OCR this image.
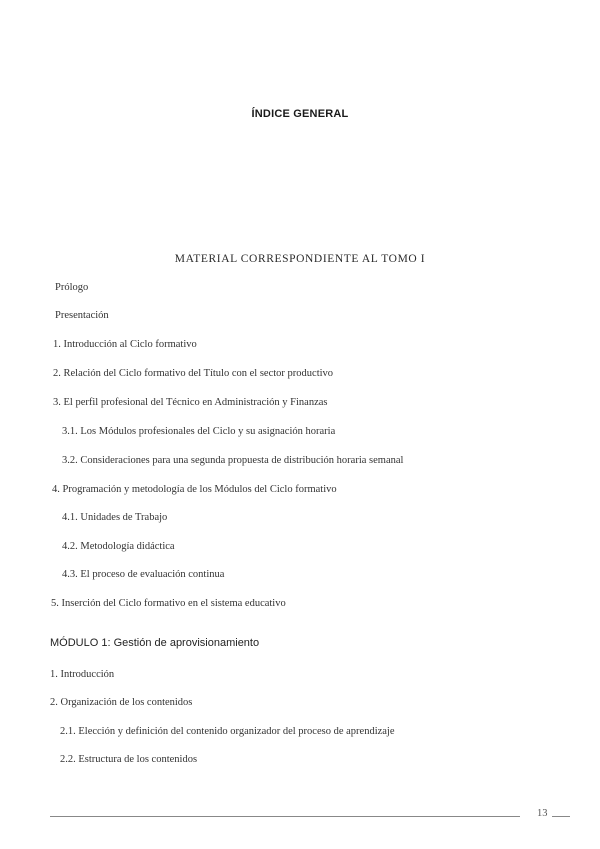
ÍNDICE GENERAL
MATERIAL CORRESPONDIENTE AL TOMO I
Prólogo
Presentación
1. Introducción al Ciclo formativo
2. Relación del Ciclo formativo del Título con el sector productivo
3. El perfil profesional del Técnico en Administración y Finanzas
3.1. Los Módulos profesionales del Ciclo y su asignación horaria
3.2. Consideraciones para una segunda propuesta de distribución horaria semanal
4. Programación y metodología de los Módulos del Ciclo formativo
4.1. Unidades de Trabajo
4.2. Metodología didáctica
4.3. El proceso de evaluación continua
5. Inserción del Ciclo formativo en el sistema educativo
MÓDULO 1: Gestión de aprovisionamiento
1. Introducción
2. Organización de los contenidos
2.1. Elección y definición del contenido organizador del proceso de aprendizaje
2.2. Estructura de los contenidos
13
